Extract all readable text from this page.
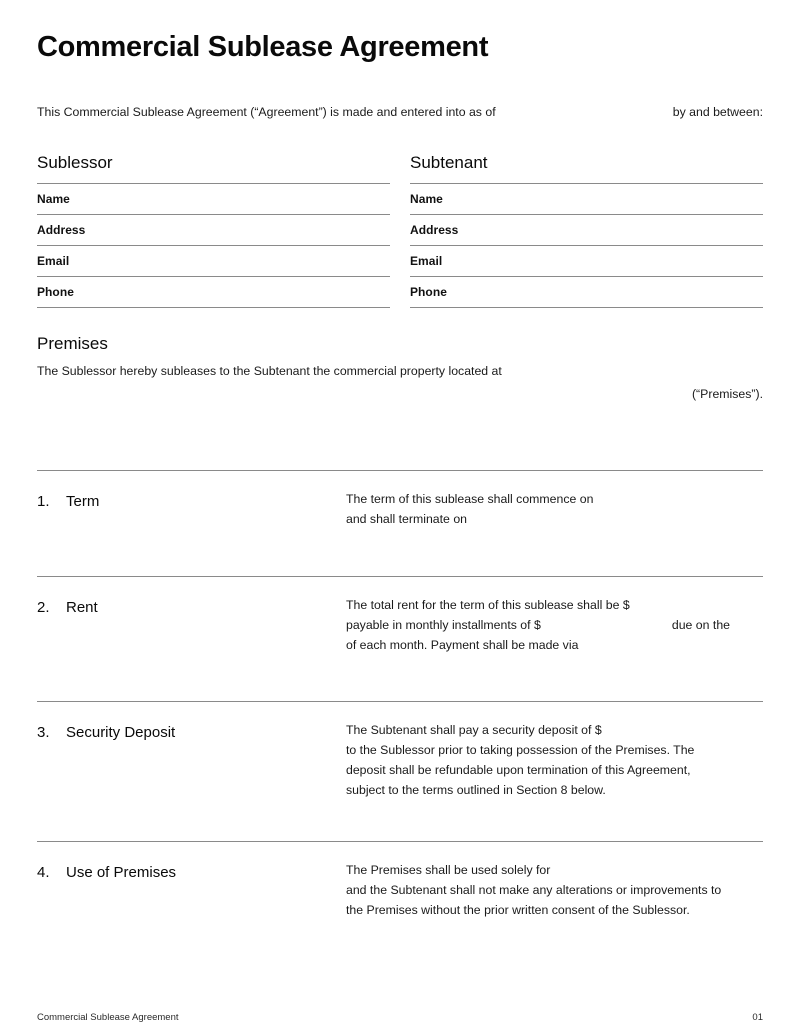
Commercial Sublease Agreement
This Commercial Sublease Agreement (“Agreement”) is made and entered into as of	by and between:
Sublessor
Name
Address
Email
Phone
Subtenant
Name
Address
Email
Phone
Premises
The Sublessor hereby subleases to the Subtenant the commercial property located at
(“Premises”).
1.	Term	The term of this sublease shall commence on
and shall terminate on
2.	Rent	The total rent for the term of this sublease shall be $
payable in monthly installments of $	due on the
of each month. Payment shall be made via
3.	Security Deposit	The Subtenant shall pay a security deposit of $
to the Sublessor prior to taking possession of the Premises. The
deposit shall be refundable upon termination of this Agreement,
subject to the terms outlined in Section 8 below.
4.	Use of Premises	The Premises shall be used solely for
and the Subtenant shall not make any alterations or improvements to
the Premises without the prior written consent of the Sublessor.
Commercial Sublease Agreement	01
